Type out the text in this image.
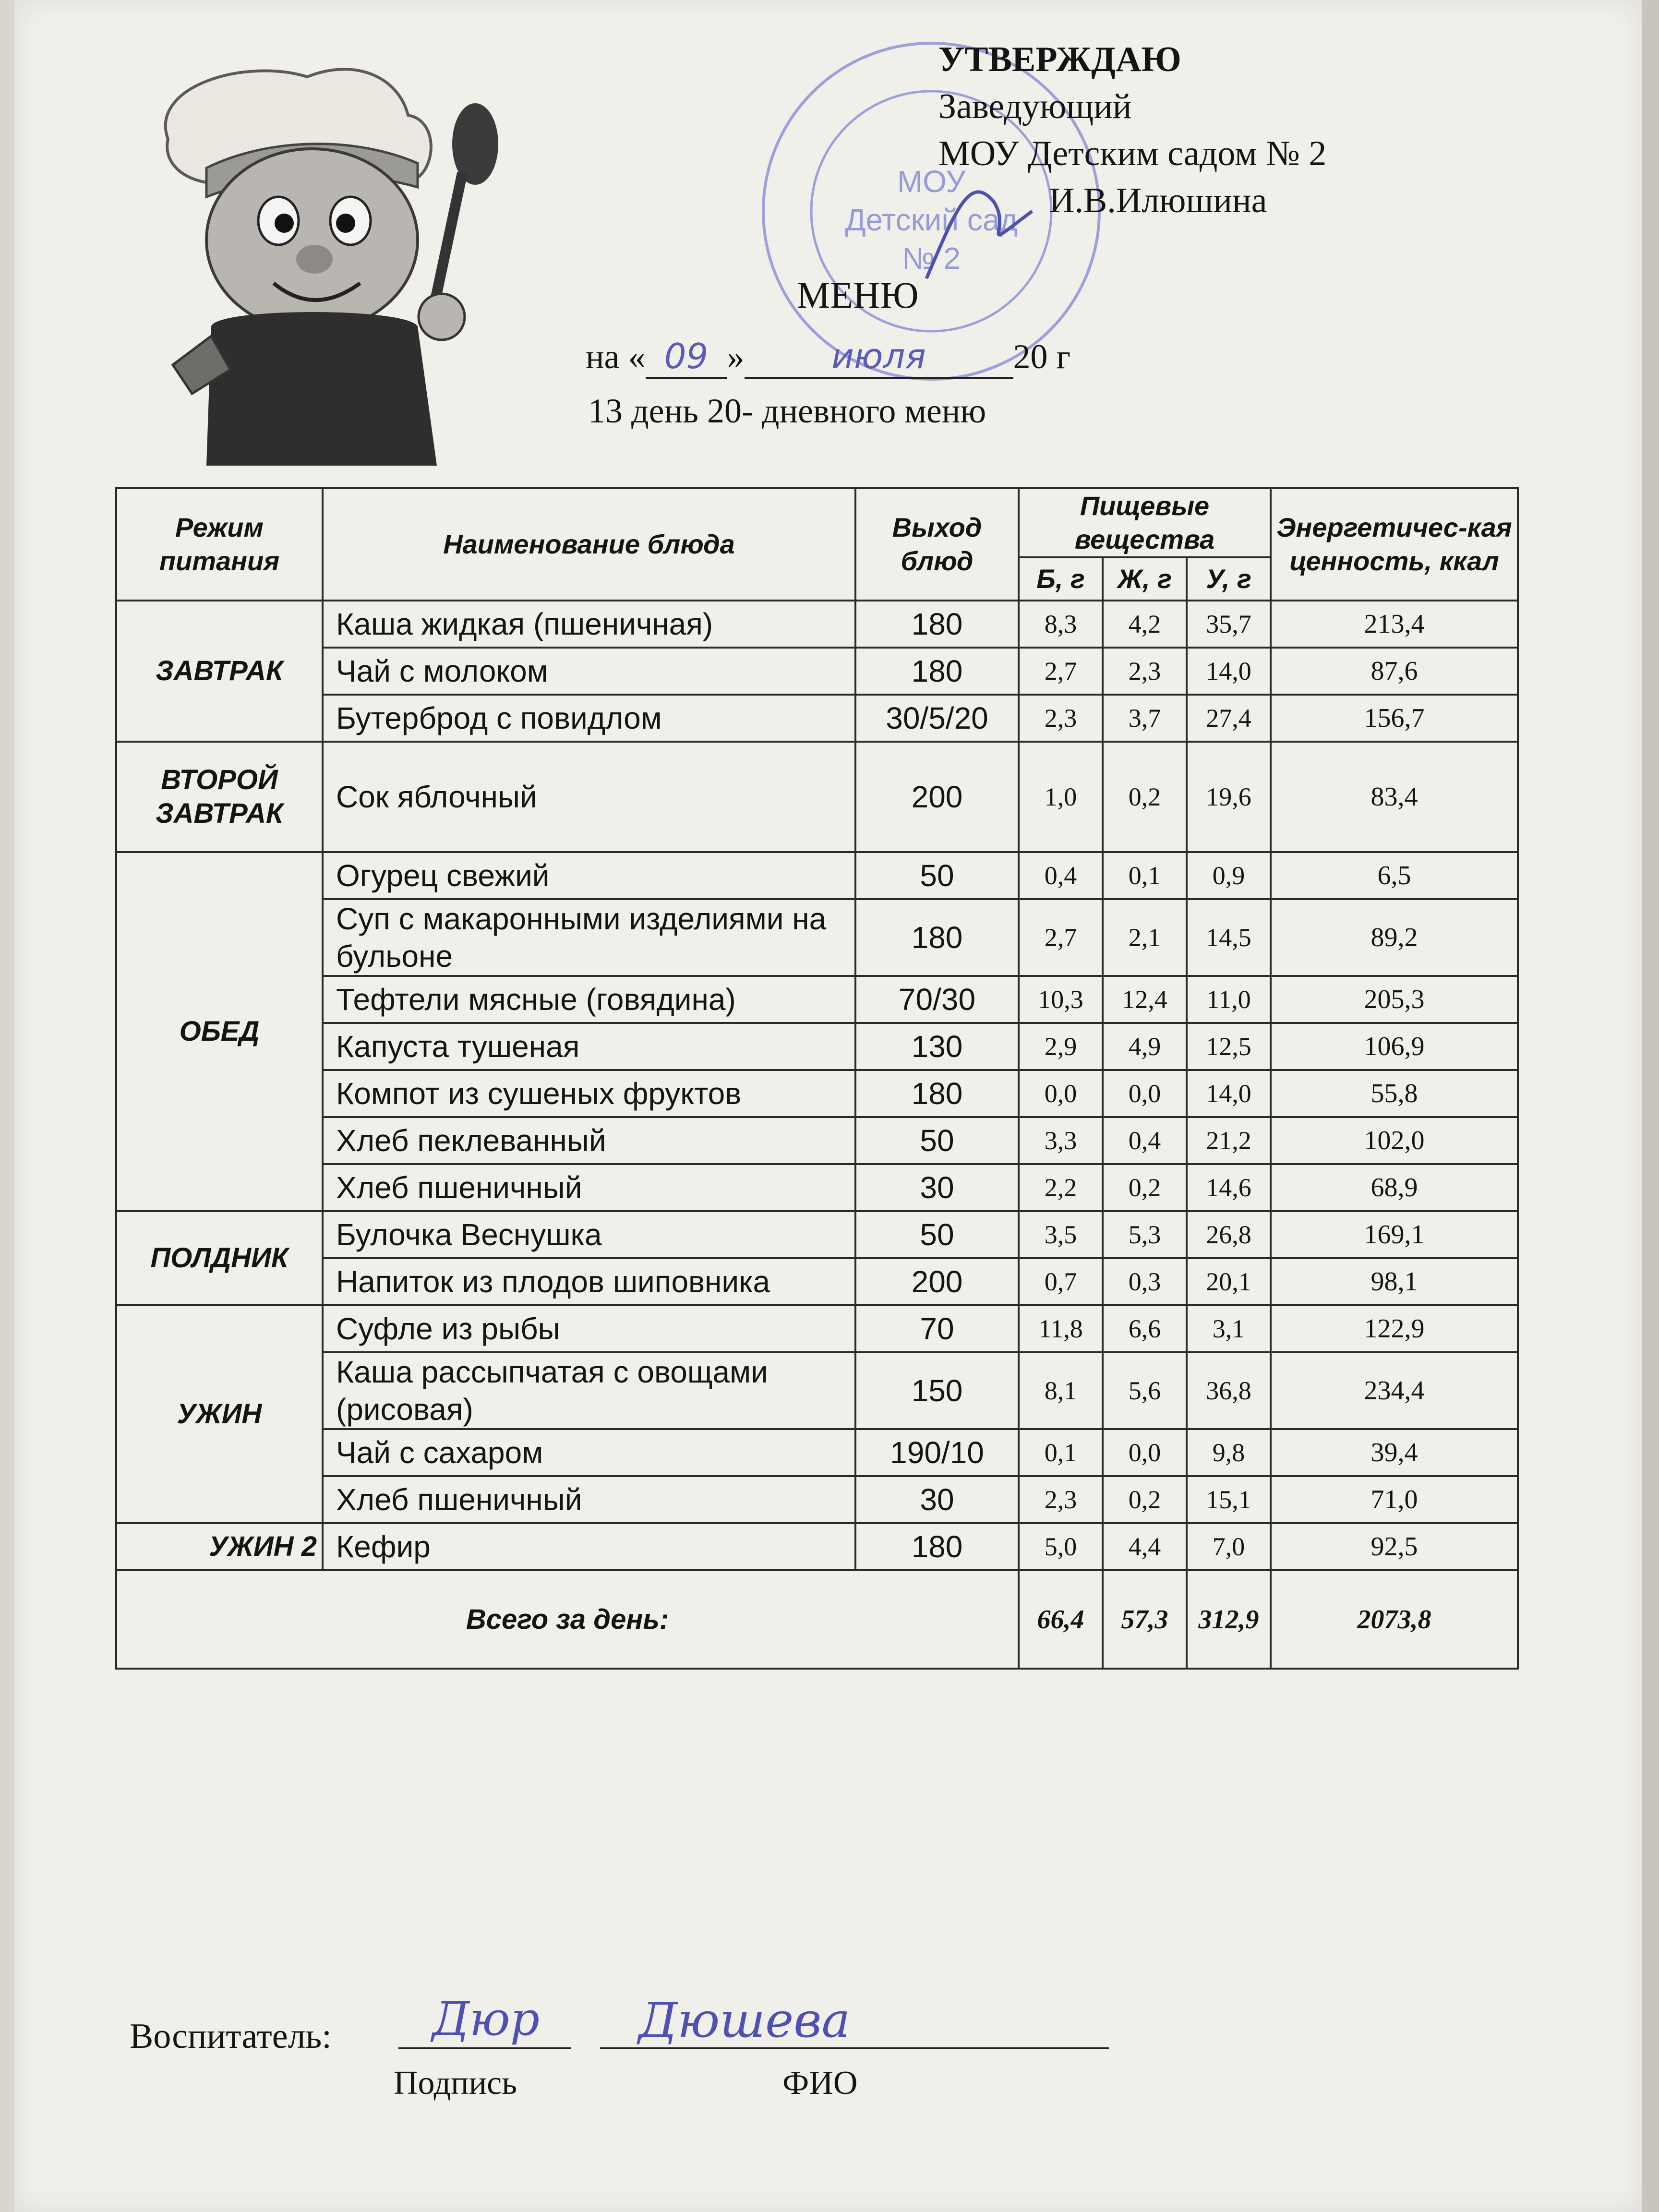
МОУ
Детский сад
№ 2
УТВЕРЖДАЮ
Заведующий
МОУ Детским садом № 2
И.В.Илюшина
МЕНЮ
на « 09 »	июля	20 г
13 день 20- дневного меню
Режим питания	Наименование блюда	Выход блюд	Пищевые вещества			Энергетичес-кая ценность, ккал
			Б, г	Ж, г	У, г	
ЗАВТРАК	Каша жидкая (пшеничная)	180	8,3	4,2	35,7	213,4
	Чай с молоком	180	2,7	2,3	14,0	87,6
	Бутерброд с повидлом	30/5/20	2,3	3,7	27,4	156,7
ВТОРОЙ ЗАВТРАК	Сок яблочный	200	1,0	0,2	19,6	83,4
ОБЕД	Огурец свежий	50	0,4	0,1	0,9	6,5
	Суп с макаронными изделиями на бульоне	180	2,7	2,1	14,5	89,2
	Тефтели мясные (говядина)	70/30	10,3	12,4	11,0	205,3
	Капуста тушеная	130	2,9	4,9	12,5	106,9
	Компот из сушеных фруктов	180	0,0	0,0	14,0	55,8
	Хлеб пеклеванный	50	3,3	0,4	21,2	102,0
	Хлеб пшеничный	30	2,2	0,2	14,6	68,9
ПОЛДНИК	Булочка Веснушка	50	3,5	5,3	26,8	169,1
	Напиток из плодов шиповника	200	0,7	0,3	20,1	98,1
УЖИН	Суфле из рыбы	70	11,8	6,6	3,1	122,9
	Каша рассыпчатая с овощами (рисовая)	150	8,1	5,6	36,8	234,4
	Чай с сахаром	190/10	0,1	0,0	9,8	39,4
	Хлеб пшеничный	30	2,3	0,2	15,1	71,0
УЖИН 2	Кефир	180	5,0	4,4	7,0	92,5
Всего за день:			66,4	57,3	312,9	2073,8
Воспитатель: Дюр Дюшева
Подпись	ФИО
